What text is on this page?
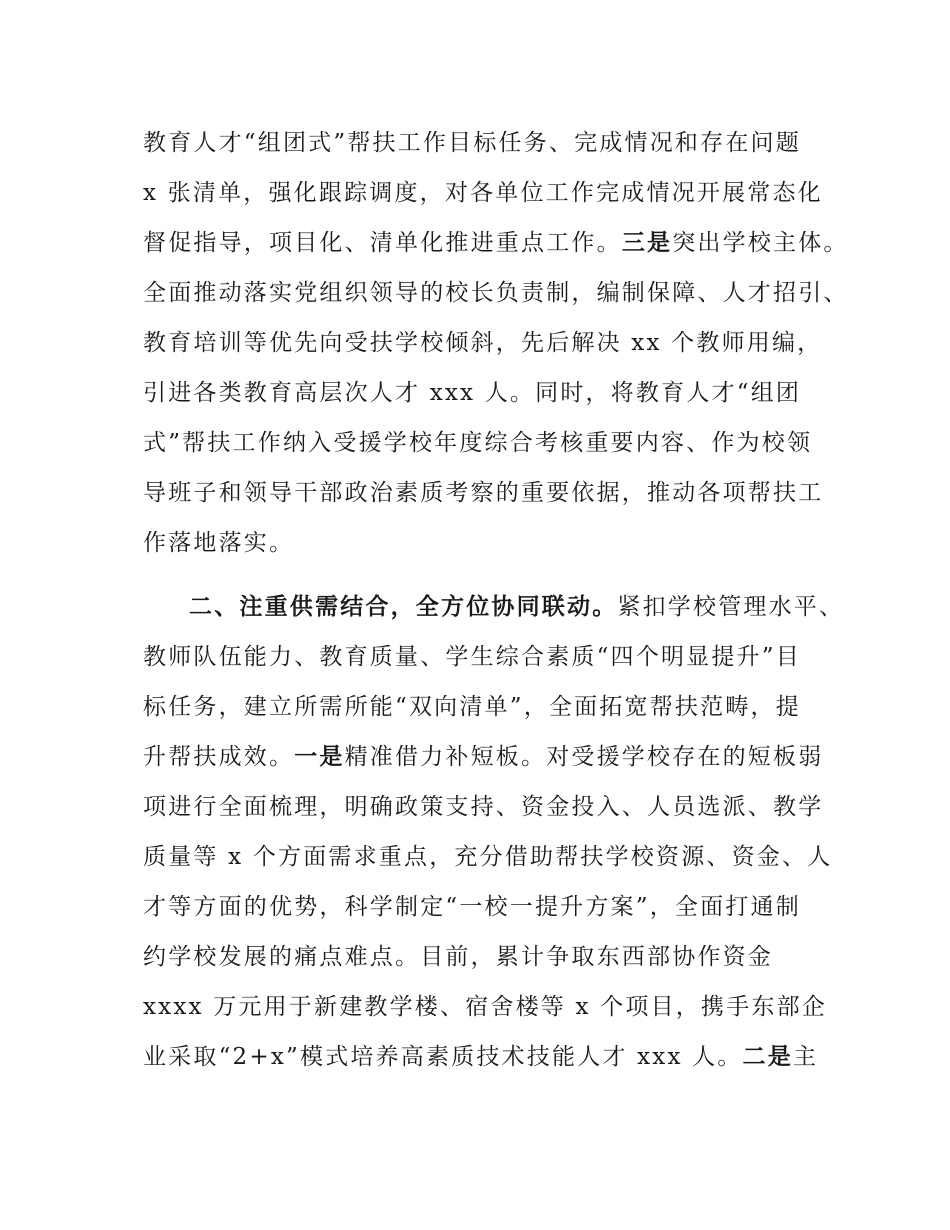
教育人才“组团式”帮扶工作目标任务、完成情况和存在问题
x 张清单，强化跟踪调度，对各单位工作完成情况开展常态化
督促指导，项目化、清单化推进重点工作。三是突出学校主体。
全面推动落实党组织领导的校长负责制，编制保障、人才招引、
教育培训等优先向受扶学校倾斜，先后解决 xx 个教师用编，
引进各类教育高层次人才 xxx 人。同时，将教育人才“组团
式”帮扶工作纳入受援学校年度综合考核重要内容、作为校领
导班子和领导干部政治素质考察的重要依据，推动各项帮扶工
作落地落实。
二、注重供需结合，全方位协同联动。紧扣学校管理水平、
教师队伍能力、教育质量、学生综合素质“四个明显提升”目
标任务，建立所需所能“双向清单”，全面拓宽帮扶范畴，提
升帮扶成效。一是精准借力补短板。对受援学校存在的短板弱
项进行全面梳理，明确政策支持、资金投入、人员选派、教学
质量等 x 个方面需求重点，充分借助帮扶学校资源、资金、人
才等方面的优势，科学制定“一校一提升方案”，全面打通制
约学校发展的痛点难点。目前，累计争取东西部协作资金
xxxx 万元用于新建教学楼、宿舍楼等 x 个项目，携手东部企
业采取“2+x”模式培养高素质技术技能人才 xxx 人。二是主
